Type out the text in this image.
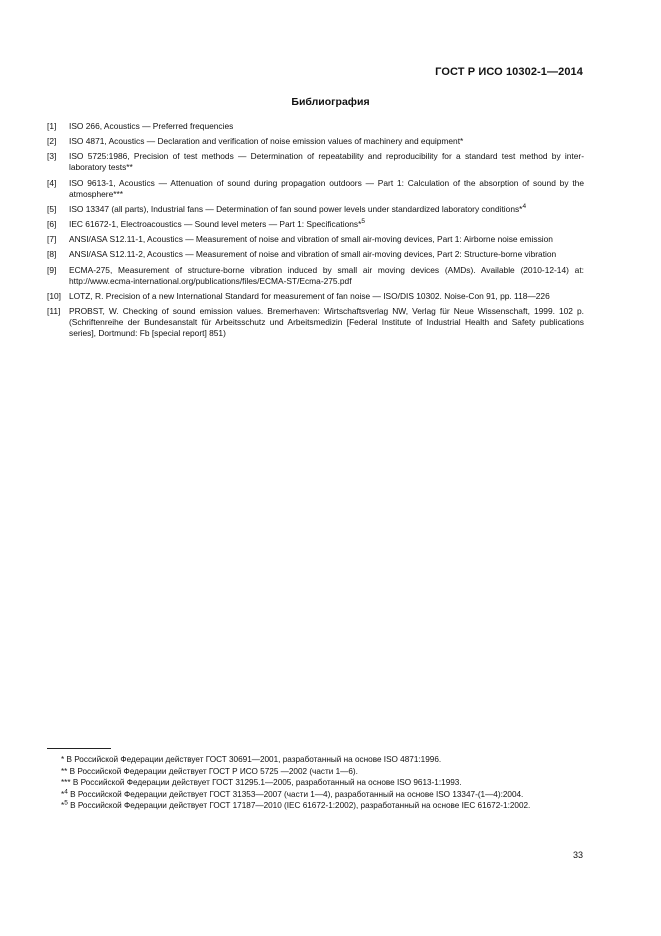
ГОСТ Р ИСО 10302-1—2014
Библиография
[1]	ISO 266, Acoustics — Preferred frequencies
[2]	ISO 4871, Acoustics — Declaration and verification of noise emission values of machinery and equipment*
[3]	ISO 5725:1986, Precision of test methods — Determination of repeatability and reproducibility for a standard test method by inter-laboratory tests**
[4]	ISO 9613-1, Acoustics — Attenuation of sound during propagation outdoors — Part 1: Calculation of the absorption of sound by the atmosphere***
[5]	ISO 13347 (all parts), Industrial fans — Determination of fan sound power levels under standardized laboratory conditions*$^4$
[6]	IEC 61672-1, Electroacoustics — Sound level meters — Part 1: Specifications*$^5$
[7]	ANSI/ASA S12.11-1, Acoustics — Measurement of noise and vibration of small air-moving devices, Part 1: Airborne noise emission
[8]	ANSI/ASA S12.11-2, Acoustics — Measurement of noise and vibration of small air-moving devices, Part 2: Structure-borne vibration
[9]	ECMA-275, Measurement of structure-borne vibration induced by small air moving devices (AMDs). Available (2010-12-14) at: http://www.ecma-international.org/publications/files/ECMA-ST/Ecma-275.pdf
[10] LOTZ, R. Precision of a new International Standard for measurement of fan noise — ISO/DIS 10302. Noise-Con 91, pp. 118—226
[11]	PROBST, W. Checking of sound emission values. Bremerhaven: Wirtschaftsverlag NW, Verlag für Neue Wissenschaft, 1999. 102 p. (Schriftenreihe der Bundesanstalt für Arbeitsschutz und Arbeitsmedizin [Federal Institute of Industrial Health and Safety publications series], Dortmund: Fb [special report] 851)
* В Российской Федерации действует ГОСТ 30691—2001, разработанный на основе ISO 4871:1996.
** В Российской Федерации действует ГОСТ Р ИСО 5725 —2002 (части 1—6).
*** В Российской Федерации действует ГОСТ 31295.1—2005, разработанный на основе ISO 9613-1:1993.
*$^4$ В Российской Федерации действует ГОСТ 31353—2007 (части 1—4), разработанный на основе ISO 13347-(1—4):2004.
*$^5$ В Российской Федерации действует ГОСТ 17187—2010 (IEC 61672-1:2002), разработанный на основе IEC 61672-1:2002.
33
